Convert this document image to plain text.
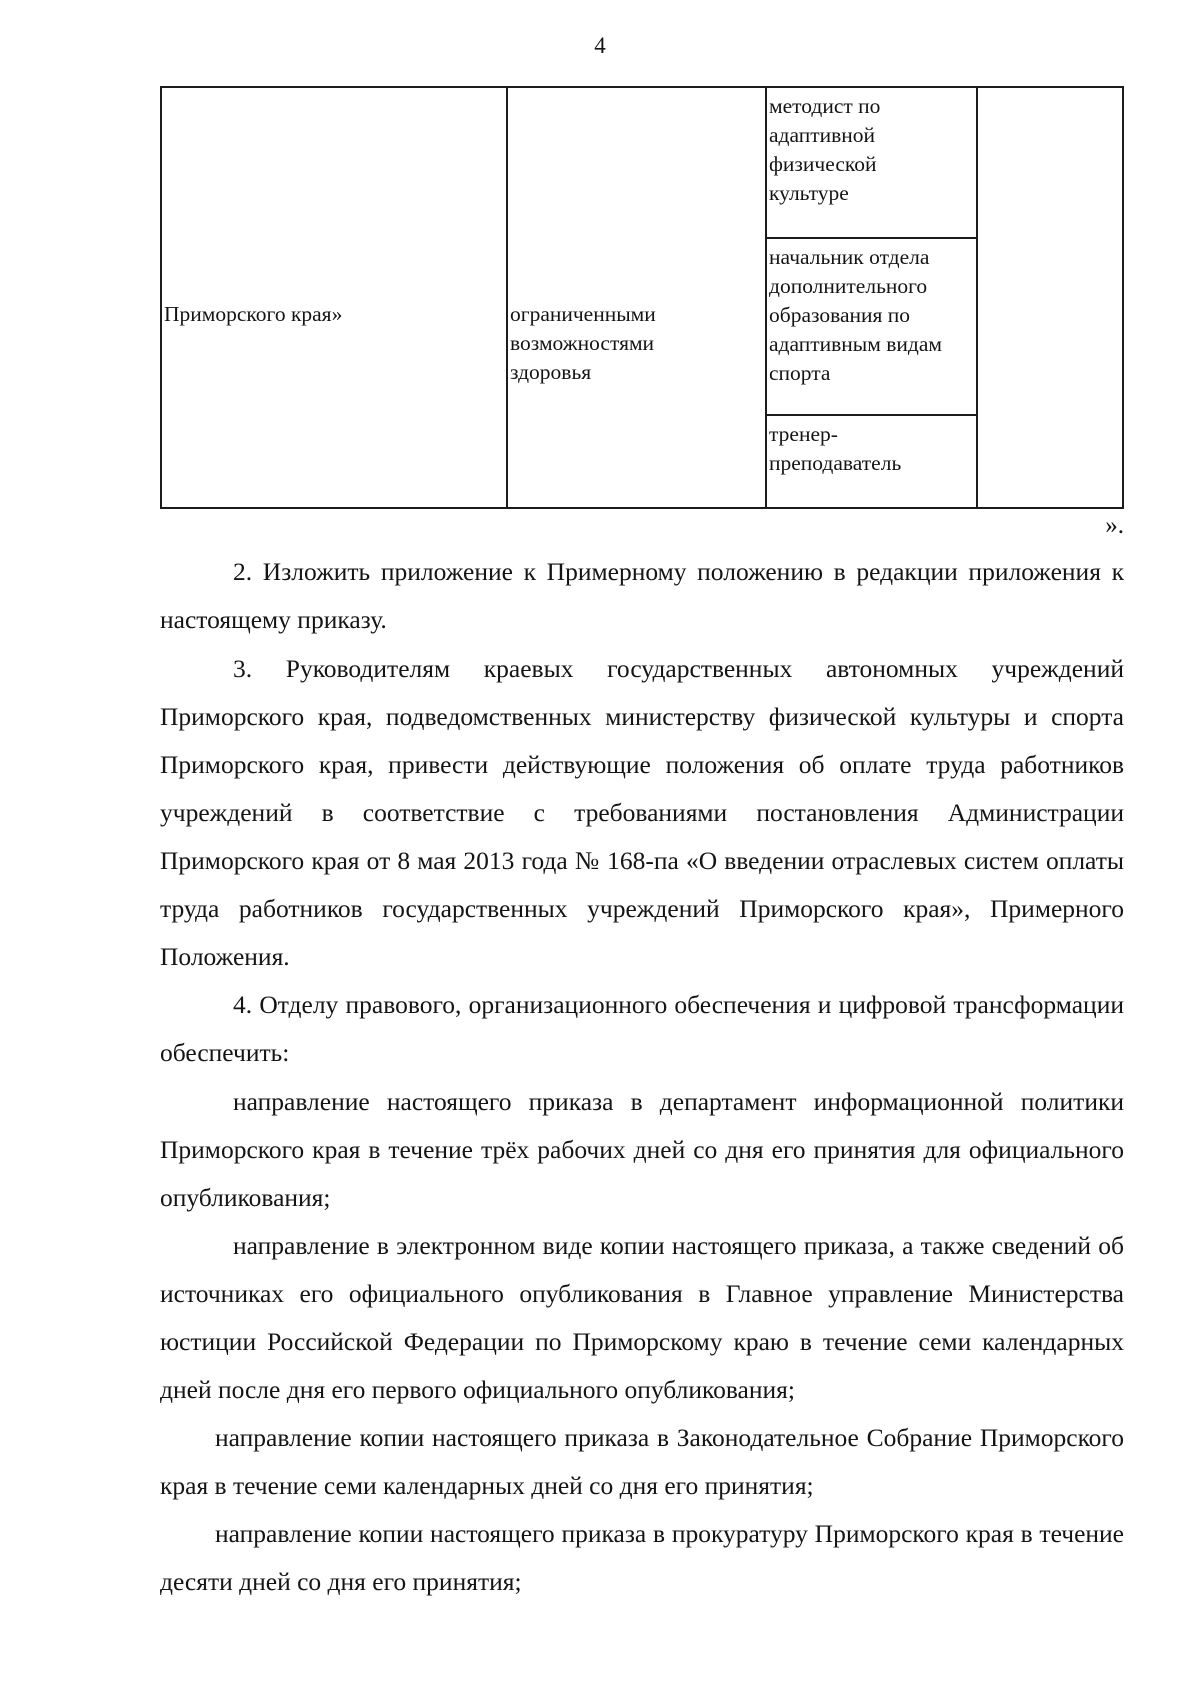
4
Приморского края»	ограниченными
возможностями
здоровья
методист по
адаптивной
физической
культуре
начальник отдела
дополнительного
образования по
адаптивным видам
спорта
тренер-
преподаватель
».
2. Изложить приложение к Примерному положению в редакции приложения к настоящему приказу.
3. Руководителям краевых государственных автономных учреждений Приморского края, подведомственных министерству физической культуры и спорта Приморского края, привести действующие положения об оплате труда работников учреждений в соответствие с требованиями постановления Администрации Приморского края от 8 мая 2013 года № 168-па «О введении отраслевых систем оплаты труда работников государственных учреждений Приморского края», Примерного Положения.
4. Отделу правового, организационного обеспечения и цифровой трансформации обеспечить:
направление настоящего приказа в департамент информационной политики Приморского края в течение трёх рабочих дней со дня его принятия для официального опубликования;
направление в электронном виде копии настоящего приказа, а также сведений об источниках его официального опубликования в Главное управление Министерства юстиции Российской Федерации по Приморскому краю в течение семи календарных дней после дня его первого официального опубликования;
направление копии настоящего приказа в Законодательное Собрание Приморского края в течение семи календарных дней со дня его принятия;
направление копии настоящего приказа в прокуратуру Приморского края в течение десяти дней со дня его принятия;
